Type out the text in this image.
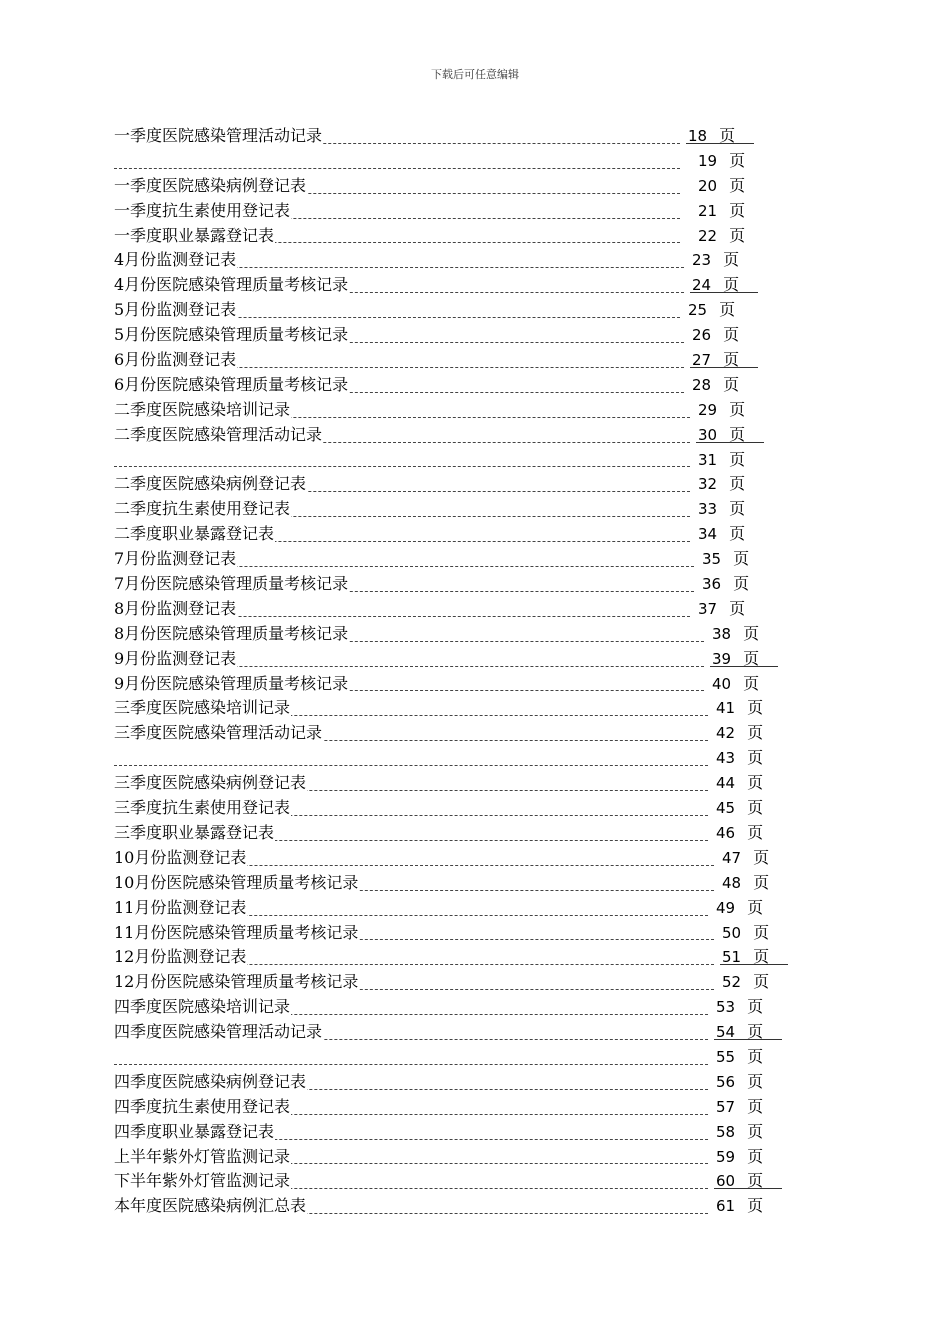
下载后可任意编辑
一季度医院感染管理活动记录	18 页
19 页
一季度医院感染病例登记表	20 页
一季度抗生素使用登记表	21 页
一季度职业暴露登记表	22 页
4月份监测登记表	23 页
4月份医院感染管理质量考核记录	24 页
5月份监测登记表	25 页
5月份医院感染管理质量考核记录	26 页
6月份监测登记表	27 页
6月份医院感染管理质量考核记录	28 页
二季度医院感染培训记录	29 页
二季度医院感染管理活动记录	30 页
31 页
二季度医院感染病例登记表	32 页
二季度抗生素使用登记表	33 页
二季度职业暴露登记表	34 页
7月份监测登记表	35 页
7月份医院感染管理质量考核记录	36 页
8月份监测登记表	37 页
8月份医院感染管理质量考核记录	38 页
9月份监测登记表	39 页
9月份医院感染管理质量考核记录	40 页
三季度医院感染培训记录	41 页
三季度医院感染管理活动记录	42 页
43 页
三季度医院感染病例登记表	44 页
三季度抗生素使用登记表	45 页
三季度职业暴露登记表	46 页
10月份监测登记表	47 页
10月份医院感染管理质量考核记录	48 页
11月份监测登记表	49 页
11月份医院感染管理质量考核记录	50 页
12月份监测登记表	51 页
12月份医院感染管理质量考核记录	52 页
四季度医院感染培训记录	53 页
四季度医院感染管理活动记录	54 页
55 页
四季度医院感染病例登记表	56 页
四季度抗生素使用登记表	57 页
四季度职业暴露登记表	58 页
上半年紫外灯管监测记录	59 页
下半年紫外灯管监测记录	60 页
本年度医院感染病例汇总表	61 页
